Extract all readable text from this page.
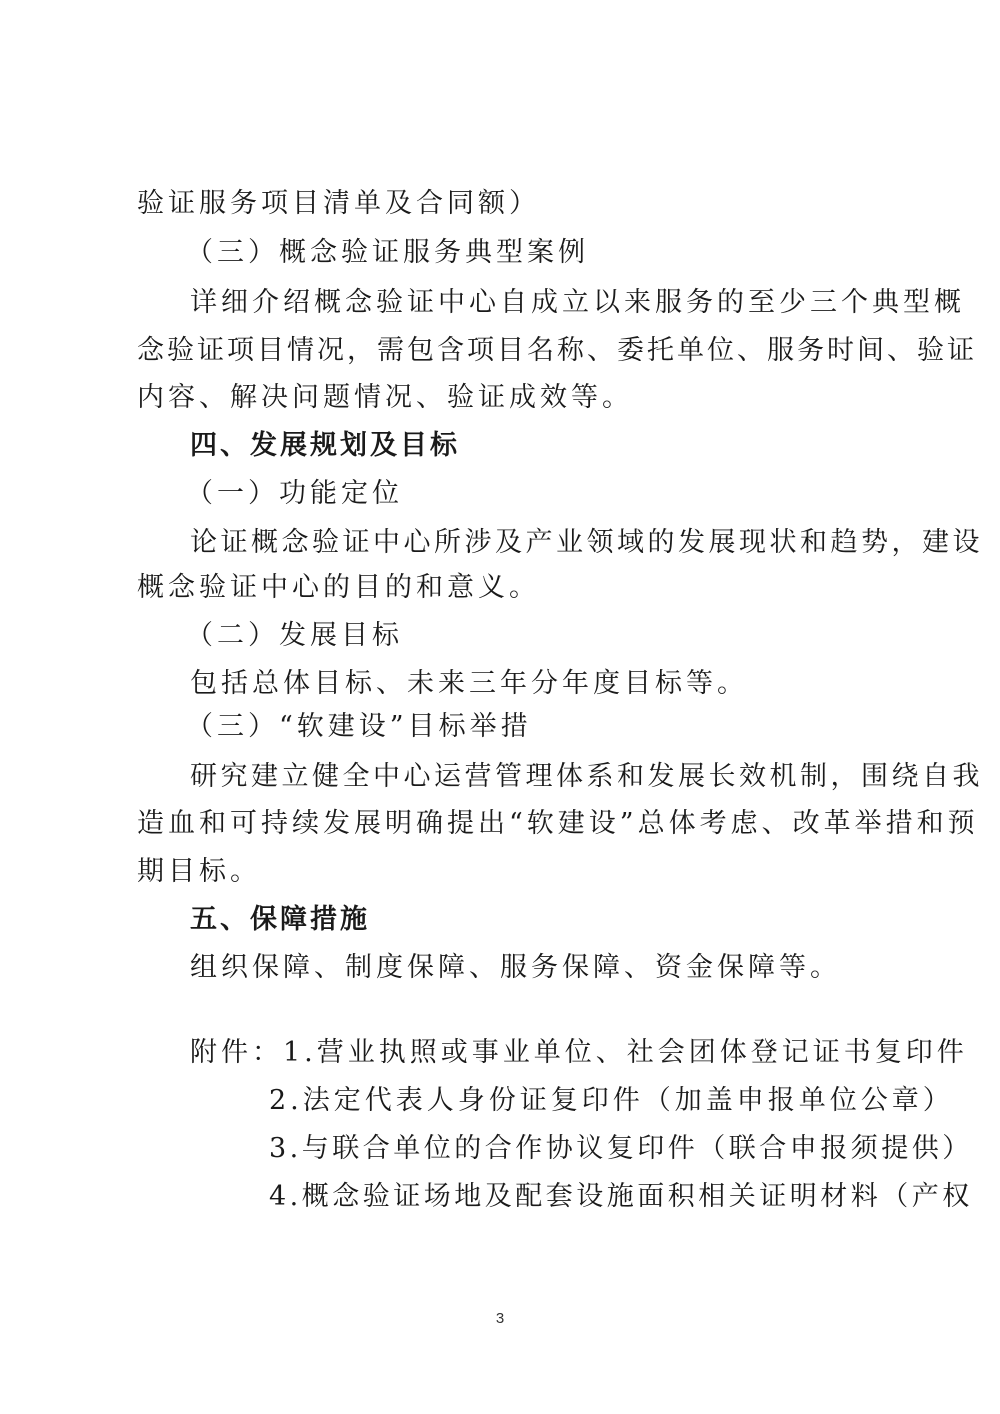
验证服务项目清单及合同额）
（三）概念验证服务典型案例
详细介绍概念验证中心自成立以来服务的至少三个典型概
念验证项目情况，需包含项目名称、委托单位、服务时间、验证
内容、解决问题情况、验证成效等。
四、发展规划及目标
（一）功能定位
论证概念验证中心所涉及产业领域的发展现状和趋势，建设
概念验证中心的目的和意义。
（二）发展目标
包括总体目标、未来三年分年度目标等。
（三）“软建设”目标举措
研究建立健全中心运营管理体系和发展长效机制，围绕自我
造血和可持续发展明确提出“软建设”总体考虑、改革举措和预
期目标。
五、保障措施
组织保障、制度保障、服务保障、资金保障等。
附件：1.营业执照或事业单位、社会团体登记证书复印件
2.法定代表人身份证复印件（加盖申报单位公章）
3.与联合单位的合作协议复印件（联合申报须提供）
4.概念验证场地及配套设施面积相关证明材料（产权
3
